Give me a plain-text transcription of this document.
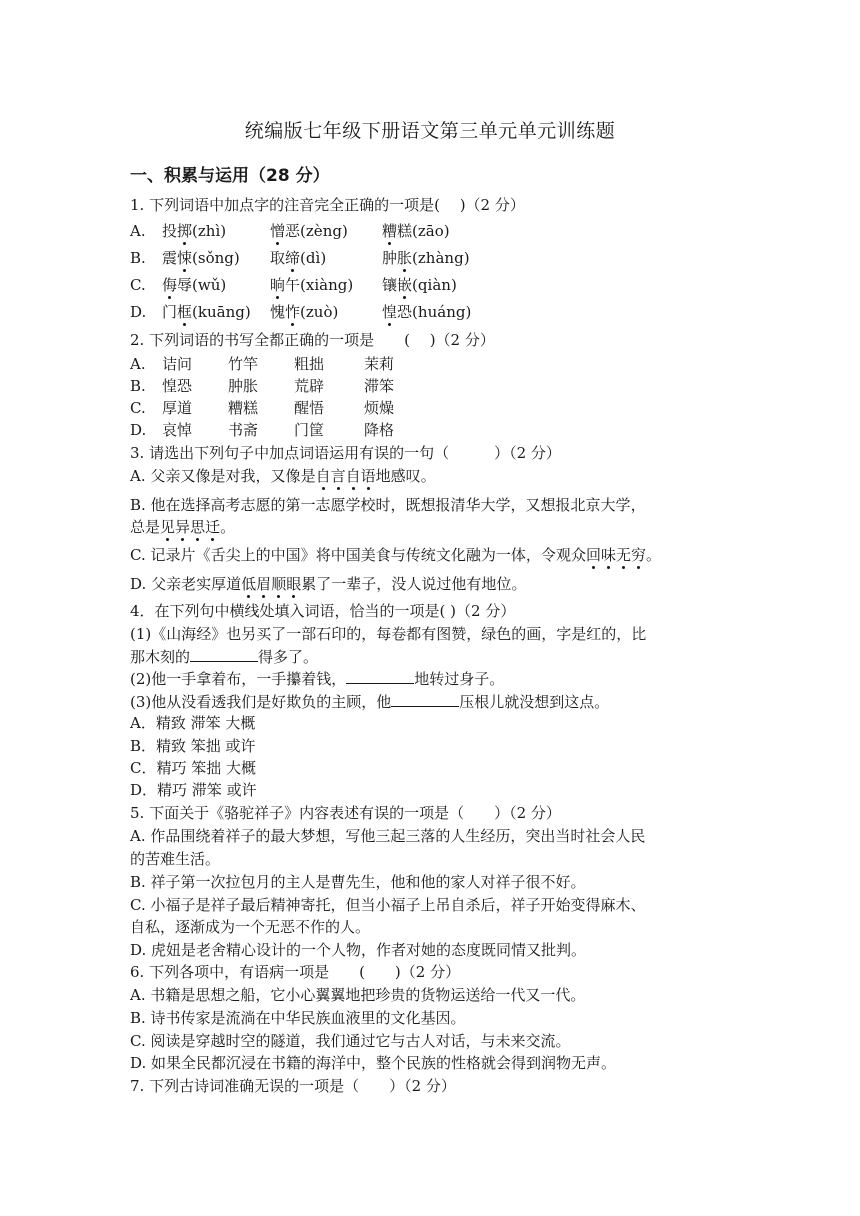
统编版七年级下册语文第三单元单元训练题
一、积累与运用（28 分）
1. 下列词语中加点字的注音完全正确的一项是(　 )（2 分）
A.投掷(zhì)	憎恶(zèng) 糟糕(zāo)
B.震悚(sǒng) 取缔(dì)	肿胀(zhàng)
C.侮辱(wǔ)	晌午(xiàng) 镶嵌(qiàn)
D.门框(kuāng) 愧怍(zuò)	惶恐(huáng)
2. 下列词语的书写全都正确的一项是　　(　 )（2 分）
A.诘问 竹竿 粗拙	茉莉
B.惶恐 肿胀 荒辟	滞笨
C.厚道 糟糕 醒悟	烦燥
D.哀悼 书斋 门筐	降格
3. 请选出下列句子中加点词语运用有误的一句（　　　）（2 分）
A. 父亲又像是对我，又像是自言自语地感叹。
B. 他在选择高考志愿的第一志愿学校时，既想报清华大学，又想报北京大学，
总是见异思迁。
C. 记录片《舌尖上的中国》将中国美食与传统文化融为一体，令观众回味无穷。
D. 父亲老实厚道低眉顺眼累了一辈子，没人说过他有地位。
4．在下列句中横线处填入词语，恰当的一项是( )（2 分）
(1)《山海经》也另买了一部石印的，每卷都有图赞，绿色的画，字是红的，比
那木刻的	得多了。
(2)他一手拿着布，一手攥着钱，	地转过身子。
(3)他从没看透我们是好欺负的主顾，他	压根儿就没想到这点。
A．精致 滞笨 大概
B．精致 笨拙 或许
C．精巧 笨拙 大概
D．精巧 滞笨 或许
5. 下面关于《骆驼祥子》内容表述有误的一项是（　　）（2 分）
A. 作品围绕着祥子的最大梦想，写他三起三落的人生经历，突出当时社会人民
的苦难生活。
B. 祥子第一次拉包月的主人是曹先生，他和他的家人对祥子很不好。
C. 小福子是祥子最后精神寄托，但当小福子上吊自杀后，祥子开始变得麻木、
自私，逐渐成为一个无恶不作的人。
D. 虎妞是老舍精心设计的一个人物，作者对她的态度既同情又批判。
6. 下列各项中，有语病一项是　　(　　)（2 分）
A. 书籍是思想之船，它小心翼翼地把珍贵的货物运送给一代又一代。
B. 诗书传家是流淌在中华民族血液里的文化基因。
C. 阅读是穿越时空的隧道，我们通过它与古人对话，与未来交流。
D. 如果全民都沉浸在书籍的海洋中，整个民族的性格就会得到润物无声。
7. 下列古诗词准确无误的一项是（　　）（2 分）
